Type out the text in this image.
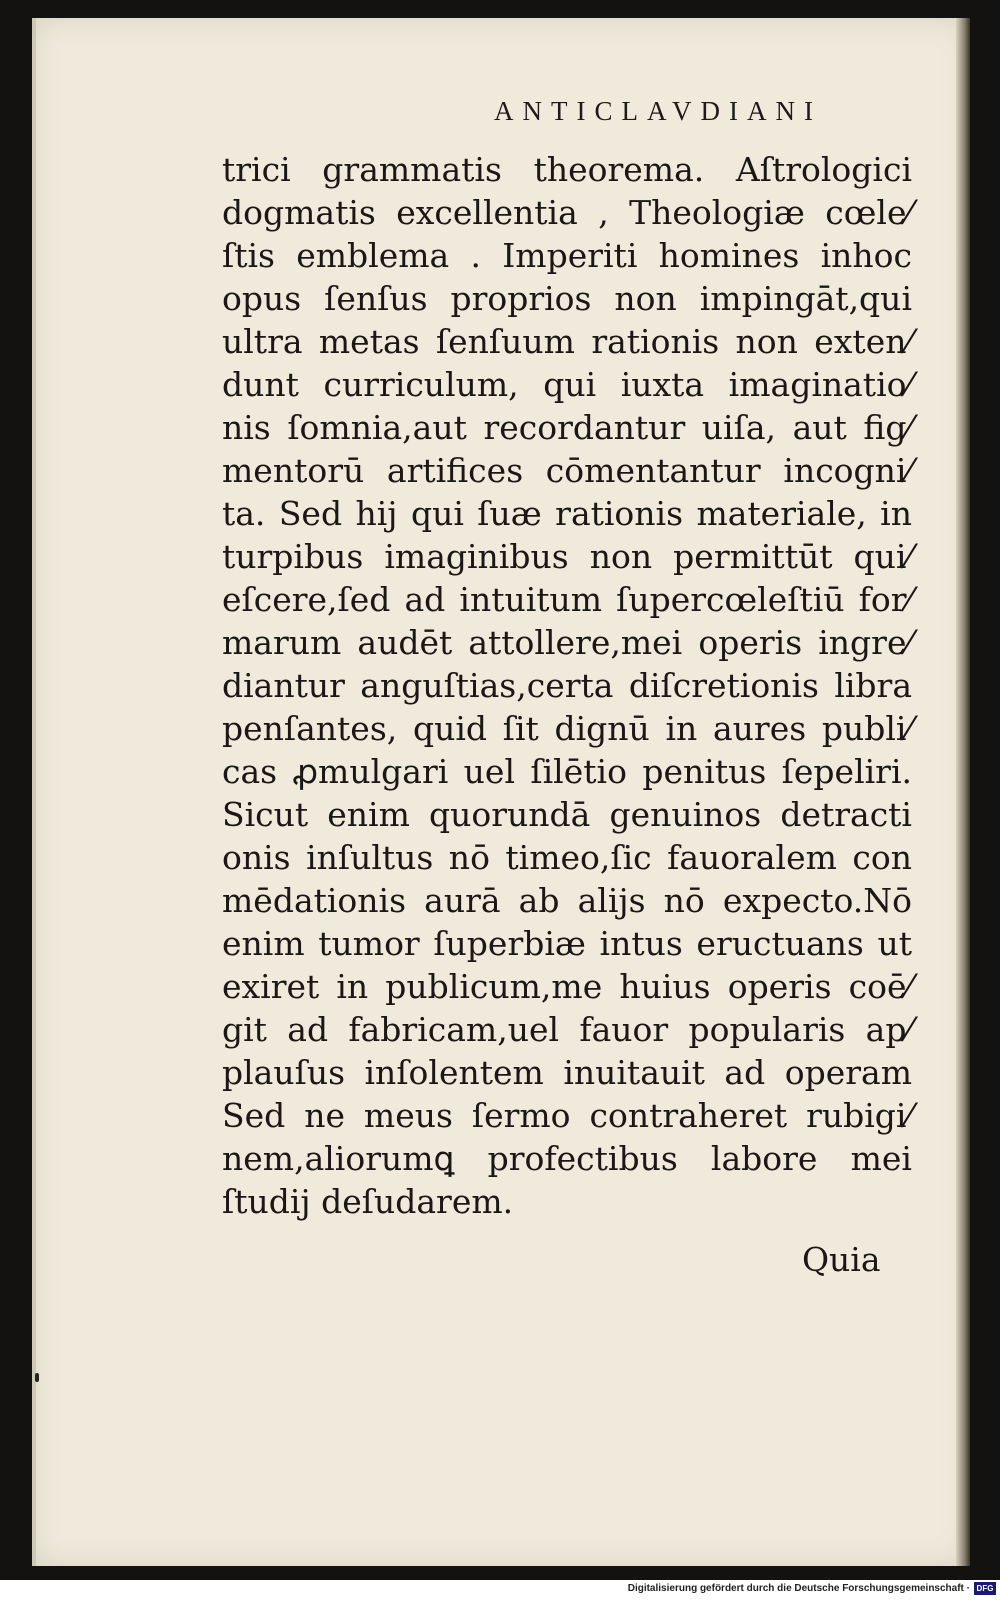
ANTICLAVDIANI
trici grammatis theorema. Aſtrologici
dogmatis excellentia , Theologiæ cœle⁄
ſtis emblema . Imperiti homines inhoc
opus ſenſus proprios non impingāt,qui
ultra metas ſenſuum rationis non exten⁄
dunt curriculum, qui iuxta imaginatio⁄
nis ſomnia,aut recordantur uiſa, aut fig⁄
mentorū artifices cōmentantur incogni⁄
ta. Sed hij qui ſuæ rationis materiale, in
turpibus imaginibus non permittūt qui⁄
eſcere,ſed ad intuitum ſupercœleſtiū for⁄
marum audēt attollere,mei operis ingre⁄
diantur anguſtias,certa diſcretionis libra
penſantes, quid ſit dignū in aures publi⁄
cas ꝓmulgari uel ſilētio penitus ſepeliri.
Sicut enim quorundā genuinos detracti
onis inſultus nō timeo,ſic fauoralem con
mēdationis aurā ab alijs nō expecto.Nō
enim tumor ſuperbiæ intus eructuans ut
exiret in publicum,me huius operis coē⁄
git ad fabricam,uel fauor popularis ap⁄
plauſus inſolentem inuitauit ad operam
Sed ne meus ſermo contraheret rubigi⁄
nem,aliorumꝗ profectibus labore mei
ſtudij deſudarem.
Quia
Digitalisierung gefördert durch die Deutsche Forschungsgemeinschaft · DFG
